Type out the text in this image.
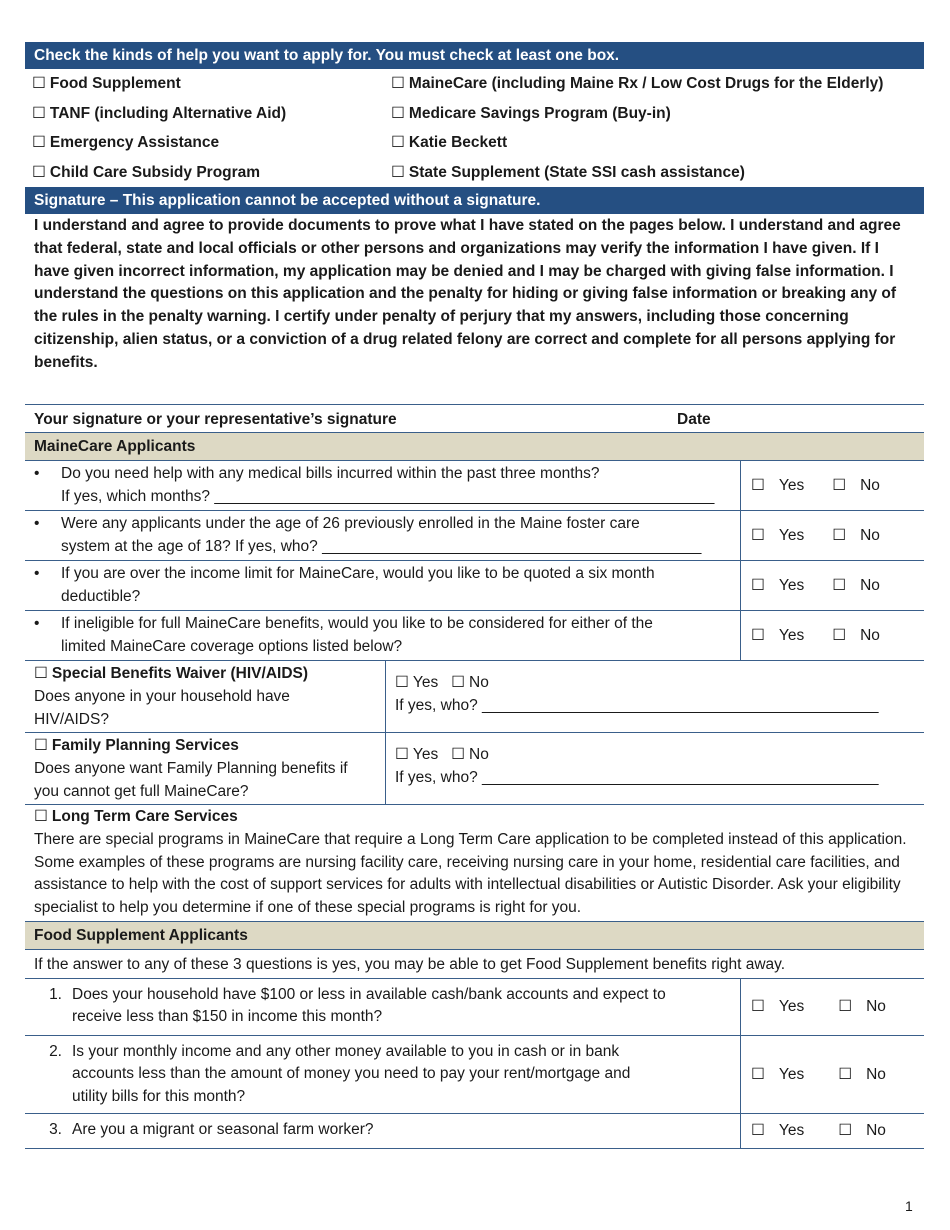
Check the kinds of help you want to apply for. You must check at least one box.
☐ Food Supplement	☐ MaineCare (including Maine Rx / Low Cost Drugs for the Elderly)
☐ TANF (including Alternative Aid)	☐ Medicare Savings Program (Buy-in)
☐ Emergency Assistance	☐ Katie Beckett
☐ Child Care Subsidy Program	☐ State Supplement (State SSI cash assistance)
Signature – This application cannot be accepted without a signature.
I understand and agree to provide documents to prove what I have stated on the pages below. I understand and agree that federal, state and local officials or other persons and organizations may verify the information I have given. If I have given incorrect information, my application may be denied and I may be charged with giving false information. I understand the questions on this application and the penalty for hiding or giving false information or breaking any of the rules in the penalty warning. I certify under penalty of perjury that my answers, including those concerning citizenship, alien status, or a conviction of a drug related felony are correct and complete for all persons applying for benefits.
Your signature or your representative’s signature	Date
MaineCare Applicants
•	Do you need help with any medical bills incurred within the past three months?
If yes, which months? __________________________________________________________
☐ Yes	☐ No
•	Were any applicants under the age of 26 previously enrolled in the Maine foster care
system at the age of 18? If yes, who? ____________________________________________
☐ Yes	☐ No
•	If you are over the income limit for MaineCare, would you like to be quoted a six month
deductible?
☐ Yes	☐ No
•	If ineligible for full MaineCare benefits, would you like to be considered for either of the
limited MaineCare coverage options listed below?
☐ Yes	☐ No
☐ Special Benefits Waiver (HIV/AIDS)
Does anyone in your household have
HIV/AIDS?
☐ Yes ☐ No
If yes, who? ______________________________________________
☐ Family Planning Services
Does anyone want Family Planning benefits if
you cannot get full MaineCare?
☐ Yes ☐ No
If yes, who? ______________________________________________
☐ Long Term Care Services
There are special programs in MaineCare that require a Long Term Care application to be completed instead of this application. Some examples of these programs are nursing facility care, receiving nursing care in your home, residential care facilities, and assistance to help with the cost of support services for adults with intellectual disabilities or Autistic Disorder. Ask your eligibility specialist to help you determine if one of these special programs is right for you.
Food Supplement Applicants
If the answer to any of these 3 questions is yes, you may be able to get Food Supplement benefits right away.
1. Does your household have $100 or less in available cash/bank accounts and expect to
receive less than $150 in income this month?
☐ Yes	☐ No
2. Is your monthly income and any other money available to you in cash or in bank
accounts less than the amount of money you need to pay your rent/mortgage and
utility bills for this month?
☐ Yes	☐ No
3. Are you a migrant or seasonal farm worker?	☐ Yes	☐ No
1
